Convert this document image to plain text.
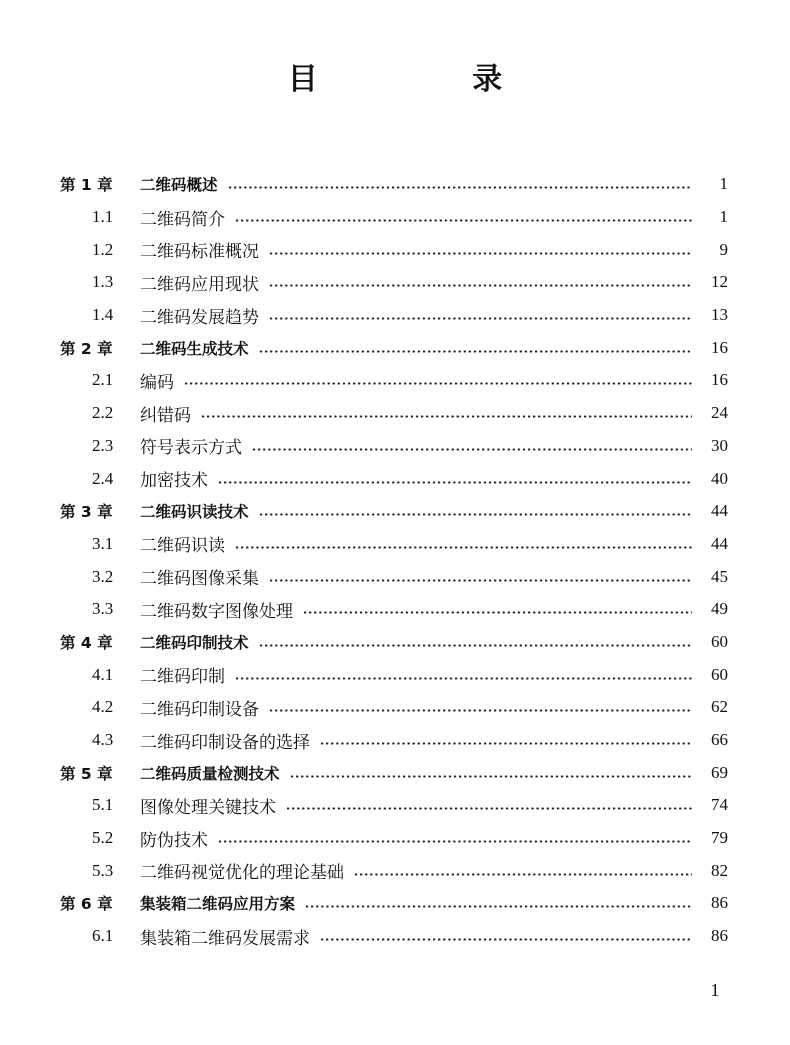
目 录
第 1 章	二维码概述	1
1.1	二维码简介	1
1.2	二维码标准概况	9
1.3	二维码应用现状	12
1.4	二维码发展趋势	13
第 2 章	二维码生成技术	16
2.1	编码	16
2.2	纠错码	24
2.3	符号表示方式	30
2.4	加密技术	40
第 3 章	二维码识读技术	44
3.1	二维码识读	44
3.2	二维码图像采集	45
3.3	二维码数字图像处理	49
第 4 章	二维码印制技术	60
4.1	二维码印制	60
4.2	二维码印制设备	62
4.3	二维码印制设备的选择	66
第 5 章	二维码质量检测技术	69
5.1	图像处理关键技术	74
5.2	防伪技术	79
5.3	二维码视觉优化的理论基础	82
第 6 章	集装箱二维码应用方案	86
6.1	集装箱二维码发展需求	86
1
